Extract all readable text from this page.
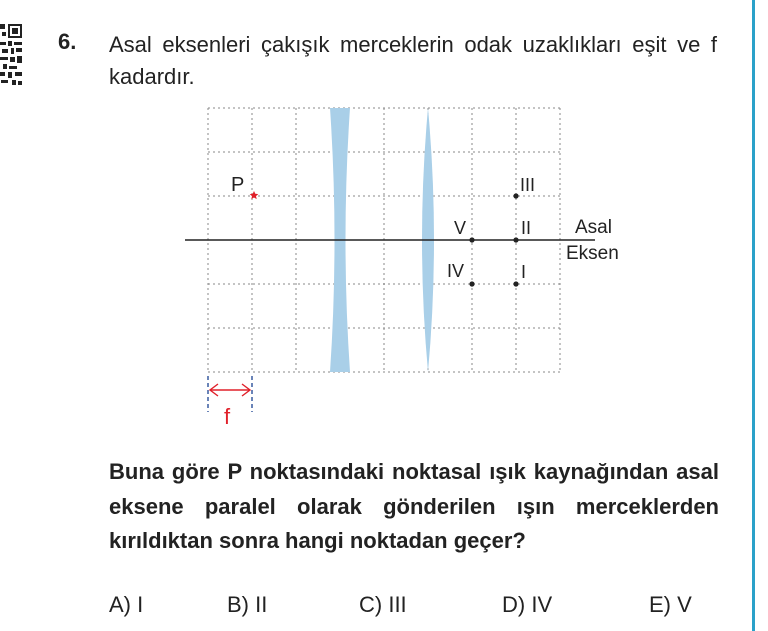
6. Asal eksenleri çakışık merceklerin odak uzaklıkları eşit ve f kadardır.
P	III
V	II
IV	I
Asal
Eksen
f
Buna göre P noktasındaki noktasal ışık kaynağından asal eksene paralel olarak gönderilen ışın merceklerden kırıldıktan sonra hangi noktadan geçer?
A) I	B) II	C) III	D) IV	E) V
